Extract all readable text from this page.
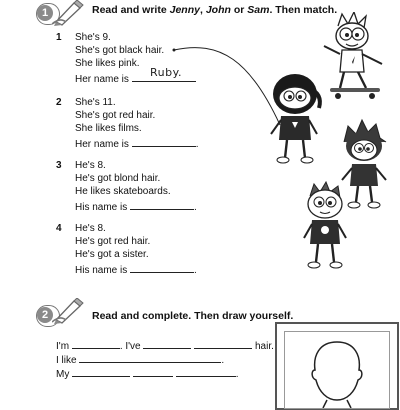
1	Read and write Jenny, John or Sam. Then match.
1 She's 9.
She's got black hair.
She likes pink.
Her name is
Ruby.
2 She's 11.
She's got red hair.
She likes films.
Her name is	.
3 He's 8.
He's got blond hair.
He likes skateboards.
His name is	.
4 He's 8.
He's got red hair.
He's got a sister.
His name is	.
2	Read and complete. Then draw yourself.
I'm	. I've	hair.
I like	.
My	.
